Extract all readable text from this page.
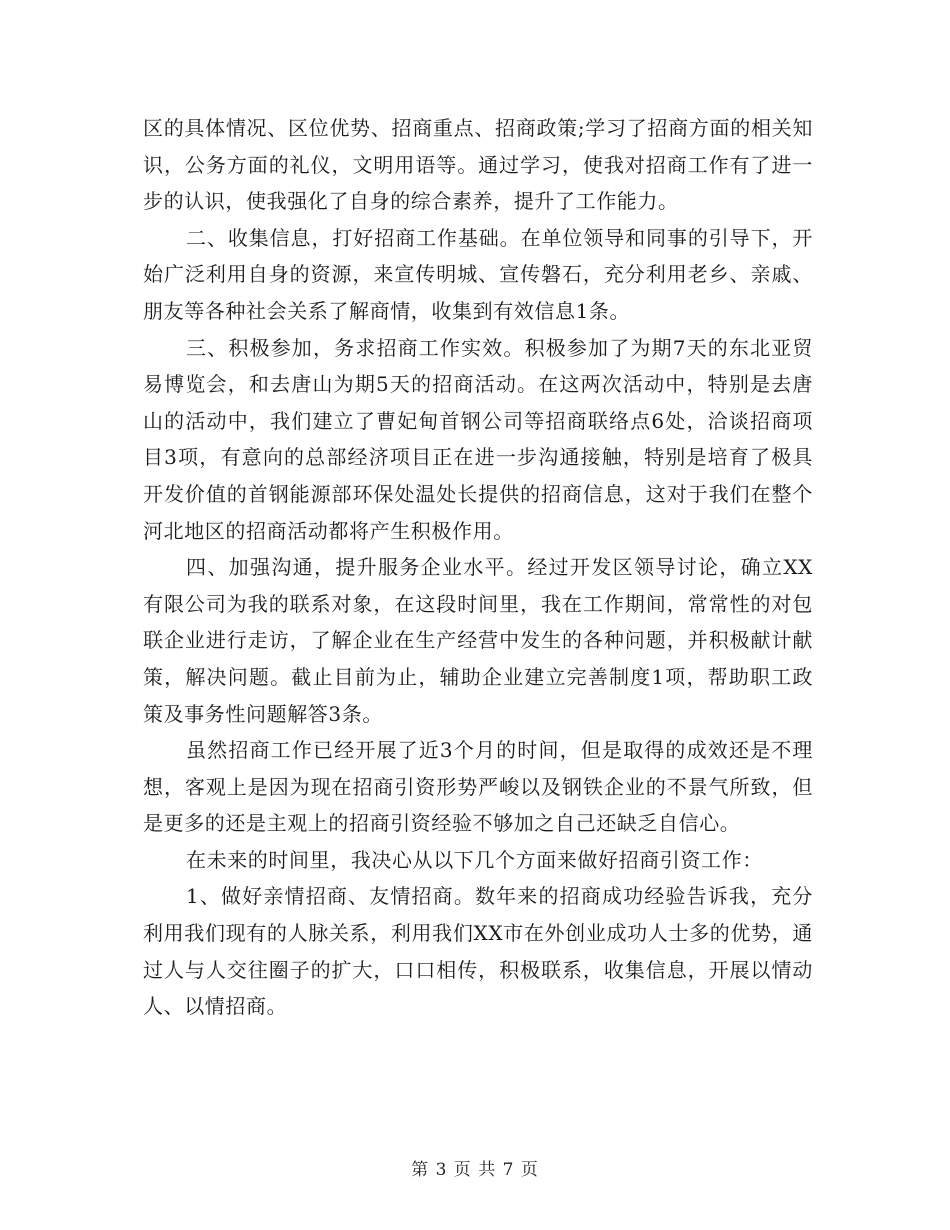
区的具体情况、区位优势、招商重点、招商政策;学习了招商方面的相关知识，公务方面的礼仪，文明用语等。通过学习，使我对招商工作有了进一步的认识，使我强化了自身的综合素养，提升了工作能力。

二、收集信息，打好招商工作基础。在单位领导和同事的引导下，开始广泛利用自身的资源，来宣传明城、宣传磐石，充分利用老乡、亲戚、朋友等各种社会关系了解商情，收集到有效信息1条。

三、积极参加，务求招商工作实效。积极参加了为期7天的东北亚贸易博览会，和去唐山为期5天的招商活动。在这两次活动中，特别是去唐山的活动中，我们建立了曹妃甸首钢公司等招商联络点6处，洽谈招商项目3项，有意向的总部经济项目正在进一步沟通接触，特别是培育了极具开发价值的首钢能源部环保处温处长提供的招商信息，这对于我们在整个河北地区的招商活动都将产生积极作用。

四、加强沟通，提升服务企业水平。经过开发区领导讨论，确立XX有限公司为我的联系对象，在这段时间里，我在工作期间，常常性的对包联企业进行走访，了解企业在生产经营中发生的各种问题，并积极献计献策，解决问题。截止目前为止，辅助企业建立完善制度1项，帮助职工政策及事务性问题解答3条。

虽然招商工作已经开展了近3个月的时间，但是取得的成效还是不理想，客观上是因为现在招商引资形势严峻以及钢铁企业的不景气所致，但是更多的还是主观上的招商引资经验不够加之自己还缺乏自信心。

在未来的时间里，我决心从以下几个方面来做好招商引资工作：

1、做好亲情招商、友情招商。数年来的招商成功经验告诉我，充分利用我们现有的人脉关系，利用我们XX市在外创业成功人士多的优势，通过人与人交往圈子的扩大，口口相传，积极联系，收集信息，开展以情动人、以情招商。

第 3 页 共 7 页
